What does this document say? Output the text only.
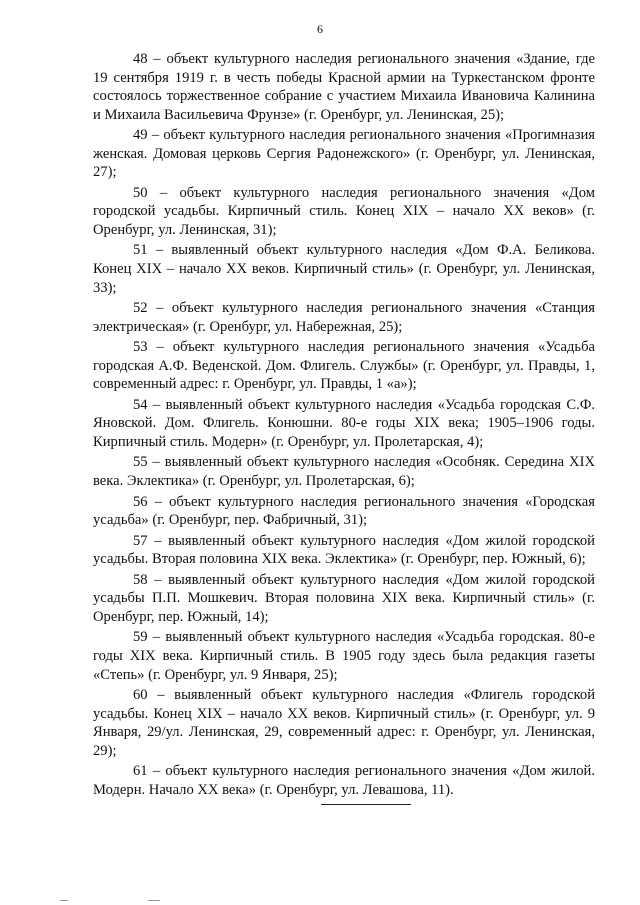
6

48 – объект культурного наследия регионального значения «Здание, где 19 сентября 1919 г. в честь победы Красной армии на Туркестанском фронте состоялось торжественное собрание с участием Михаила Ивановича Калинина и Михаила Васильевича Фрунзе» (г. Оренбург, ул. Ленинская, 25);

49 – объект культурного наследия регионального значения «Прогимназия женская. Домовая церковь Сергия Радонежского» (г. Оренбург, ул. Ленинская, 27);

50 – объект культурного наследия регионального значения «Дом городской усадьбы. Кирпичный стиль. Конец XIX – начало XX веков» (г. Оренбург, ул. Ленинская, 31);

51 – выявленный объект культурного наследия «Дом Ф.А. Беликова. Конец XIX – начало XX веков. Кирпичный стиль» (г. Оренбург, ул. Ленинская, 33);

52 – объект культурного наследия регионального значения «Станция электрическая» (г. Оренбург, ул. Набережная, 25);

53 – объект культурного наследия регионального значения «Усадьба городская А.Ф. Веденской. Дом. Флигель. Службы» (г. Оренбург, ул. Правды, 1, современный адрес: г. Оренбург, ул. Правды, 1 «а»);

54 – выявленный объект культурного наследия «Усадьба городская С.Ф. Яновской. Дом. Флигель. Конюшни. 80-е годы XIX века; 1905–1906 годы. Кирпичный стиль. Модерн» (г. Оренбург, ул. Пролетарская, 4);

55 – выявленный объект культурного наследия «Особняк. Середина XIX века. Эклектика» (г. Оренбург, ул. Пролетарская, 6);

56 – объект культурного наследия регионального значения «Городская усадьба» (г. Оренбург, пер. Фабричный, 31);

57 – выявленный объект культурного наследия «Дом жилой городской усадьбы. Вторая половина XIX века. Эклектика» (г. Оренбург, пер. Южный, 6);

58 – выявленный объект культурного наследия «Дом жилой городской усадьбы П.П. Мошкевич. Вторая половина XIX века. Кирпичный стиль» (г. Оренбург, пер. Южный, 14);

59 – выявленный объект культурного наследия «Усадьба городская. 80-е годы XIX века. Кирпичный стиль. В 1905 году здесь была редакция газеты «Степь» (г. Оренбург, ул. 9 Января, 25);

60 – выявленный объект культурного наследия «Флигель городской усадьбы. Конец XIX – начало XX веков. Кирпичный стиль» (г. Оренбург, ул. 9 Января, 29/ул. Ленинская, 29, современный адрес: г. Оренбург, ул. Ленинская, 29);

61 – объект культурного наследия регионального значения «Дом жилой. Модерн. Начало XX века» (г. Оренбург, ул. Левашова, 11).
